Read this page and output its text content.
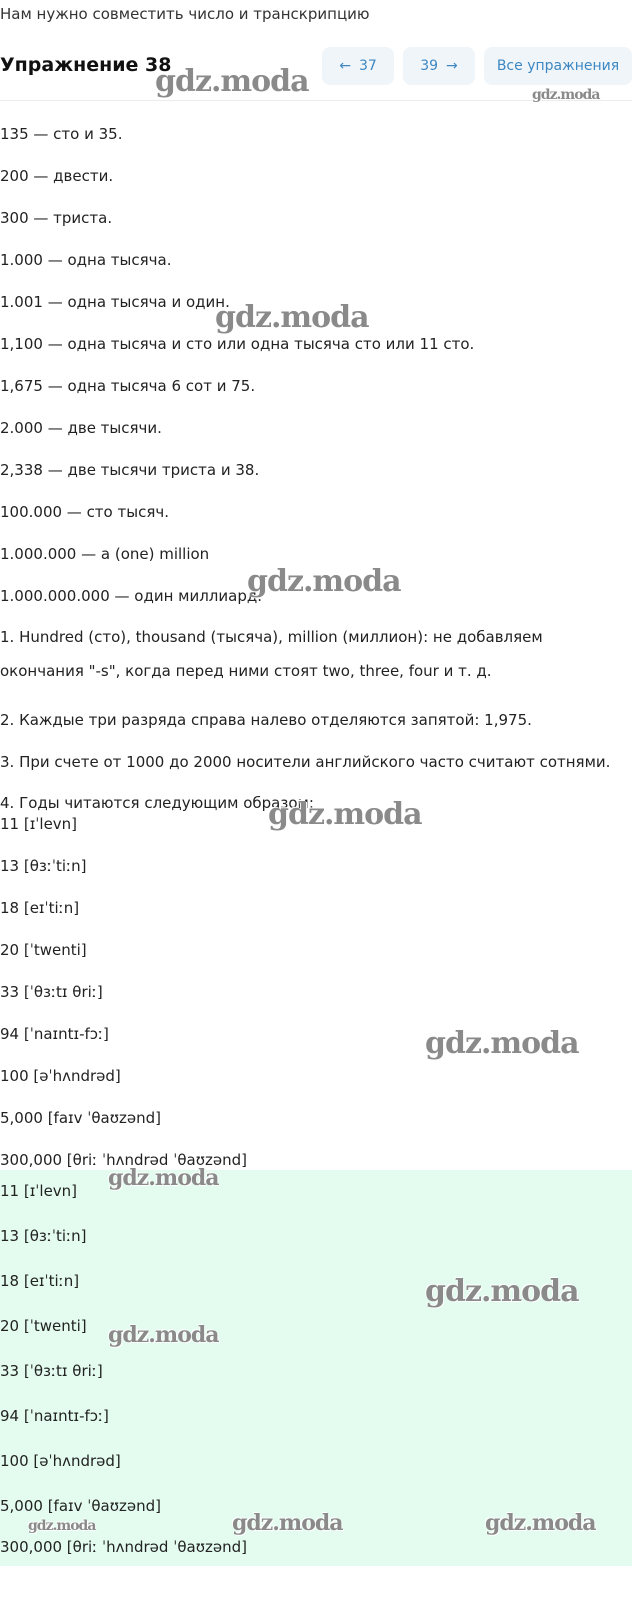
Нам нужно совместить число и транскрипцию
Упражнение 38	← 37	39 →	Все упражнения
135 — сто и 35.
200 — двести.
300 — триста.
1.000 — одна тысяча.
1.001 — одна тысяча и один.
1,100 — одна тысяча и сто или одна тысяча сто или 11 сто.
1,675 — одна тысяча 6 сот и 75.
2.000 — две тысячи.
2,338 — две тысячи триста и 38.
100.000 — сто тысяч.
1.000.000 — a (one) million
1.000.000.000 — один миллиард.
1. Hundred (сто), thousand (тысяча), million (миллион): не добавляем окончания "-s", когда перед ними стоят two, three, four и т. д.
2. Каждые три разряда справа налево отделяются запятой: 1,975.
3. При счете от 1000 до 2000 носители английского часто считают сотнями.
4. Годы читаются следующим образом:
11 [ɪˈlevn]
13 [θɜːˈtiːn]
18 [eɪˈtiːn]
20 [ˈtwenti]
33 [ˈθɜːtɪ θriː]
94 [ˈnaɪntɪ-fɔː]
100 [əˈhʌndrəd]
5,000 [faɪv ˈθaʊzənd]
300,000 [θriː ˈhʌndrəd ˈθaʊzənd]
11 [ɪˈlevn]
13 [θɜːˈtiːn]
18 [eɪˈtiːn]
20 [ˈtwenti]
33 [ˈθɜːtɪ θriː]
94 [ˈnaɪntɪ-fɔː]
100 [əˈhʌndrəd]
5,000 [faɪv ˈθaʊzənd]
300,000 [θriː ˈhʌndrəd ˈθaʊzənd]
gdz.moda	gdz.moda
gdz.moda
gdz.moda
gdz.moda
gdz.moda
gdz.moda
gdz.moda
gdz.moda
gdz.moda	gdz.moda	gdz.moda
